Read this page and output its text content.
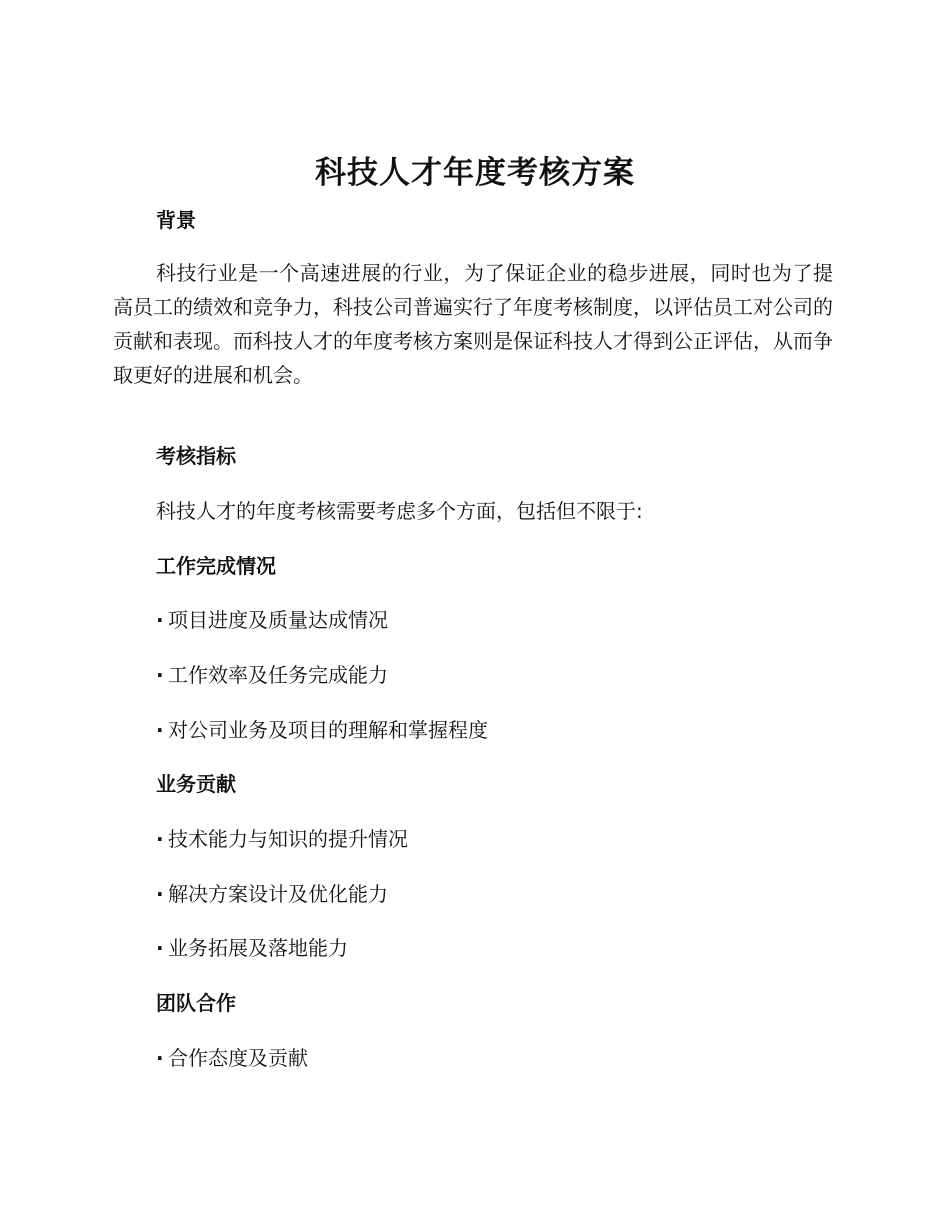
科技人才年度考核方案
背景

科技行业是一个高速进展的行业，为了保证企业的稳步进展，同时也为了提高员工的绩效和竞争力，科技公司普遍实行了年度考核制度，以评估员工对公司的贡献和表现。而科技人才的年度考核方案则是保证科技人才得到公正评估，从而争取更好的进展和机会。

考核指标
科技人才的年度考核需要考虑多个方面，包括但不限于:
工作完成情况
· 项目进度及质量达成情况
· 工作效率及任务完成能力
· 对公司业务及项目的理解和掌握程度
业务贡献
· 技术能力与知识的提升情况
· 解决方案设计及优化能力
· 业务拓展及落地能力
团队合作
· 合作态度及贡献
